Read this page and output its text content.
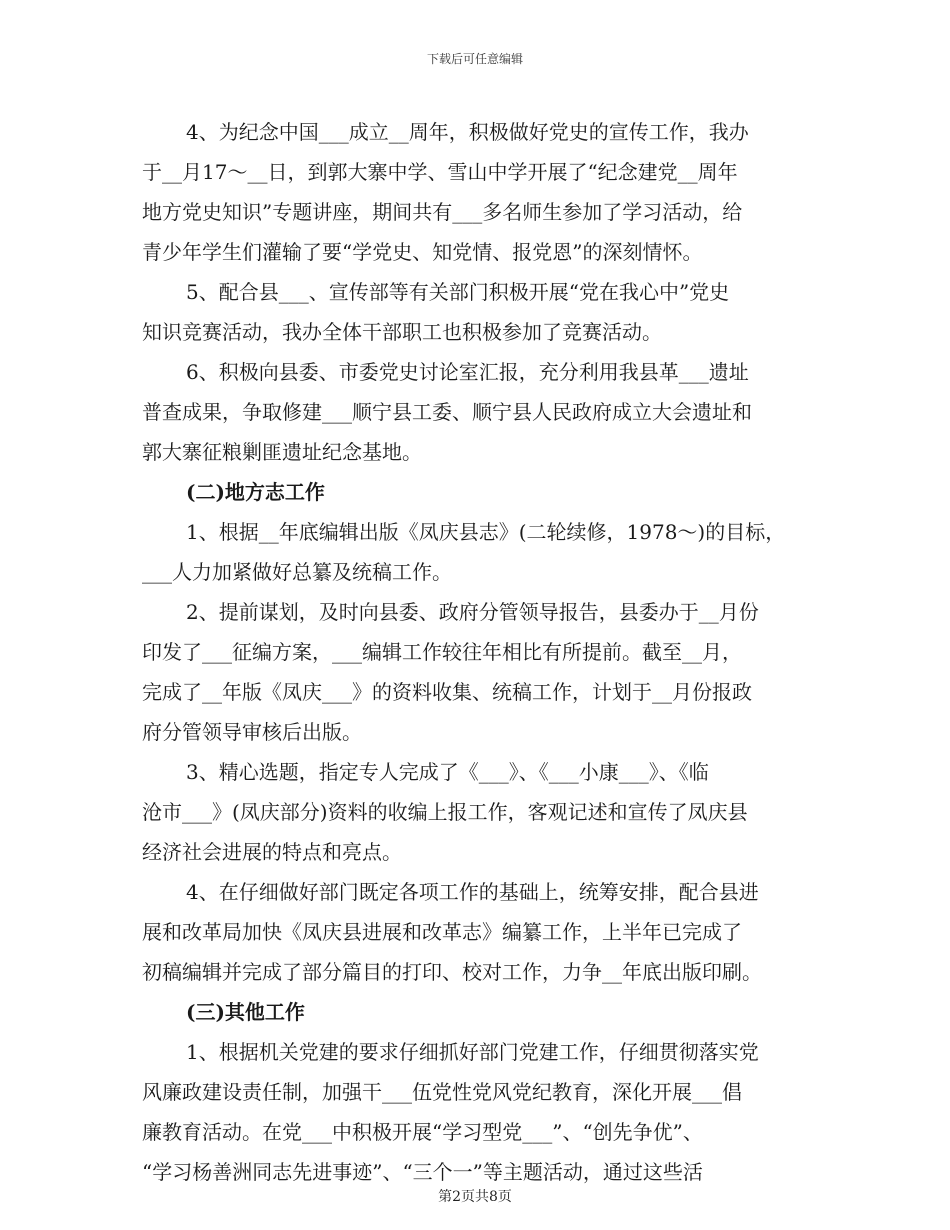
下载后可任意编辑
4、为纪念中国___成立__周年，积极做好党史的宣传工作，我办
于__月17～__日，到郭大寨中学、雪山中学开展了“纪念建党__周年
地方党史知识”专题讲座，期间共有___多名师生参加了学习活动，给
青少年学生们灌输了要“学党史、知党情、报党恩”的深刻情怀。
5、配合县___、宣传部等有关部门积极开展“党在我心中”党史
知识竞赛活动，我办全体干部职工也积极参加了竞赛活动。
6、积极向县委、市委党史讨论室汇报，充分利用我县革___遗址
普查成果，争取修建___顺宁县工委、顺宁县人民政府成立大会遗址和
郭大寨征粮剿匪遗址纪念基地。
(二)地方志工作
1、根据__年底编辑出版《凤庆县志》(二轮续修，1978～)的目标，
___人力加紧做好总纂及统稿工作。
2、提前谋划，及时向县委、政府分管领导报告，县委办于__月份
印发了___征编方案，___编辑工作较往年相比有所提前。截至__月，
完成了__年版《凤庆___》的资料收集、统稿工作，计划于__月份报政
府分管领导审核后出版。
3、精心选题，指定专人完成了《___》、《___小康___》、《临
沧市___》(凤庆部分)资料的收编上报工作，客观记述和宣传了凤庆县
经济社会进展的特点和亮点。
4、在仔细做好部门既定各项工作的基础上，统筹安排，配合县进
展和改革局加快《凤庆县进展和改革志》编纂工作，上半年已完成了
初稿编辑并完成了部分篇目的打印、校对工作，力争__年底出版印刷。
(三)其他工作
1、根据机关党建的要求仔细抓好部门党建工作，仔细贯彻落实党
风廉政建设责任制，加强干___伍党性党风党纪教育，深化开展___倡
廉教育活动。在党___中积极开展“学习型党___”、“创先争优”、
“学习杨善洲同志先进事迹”、“三个一”等主题活动，通过这些活
第2页共8页
